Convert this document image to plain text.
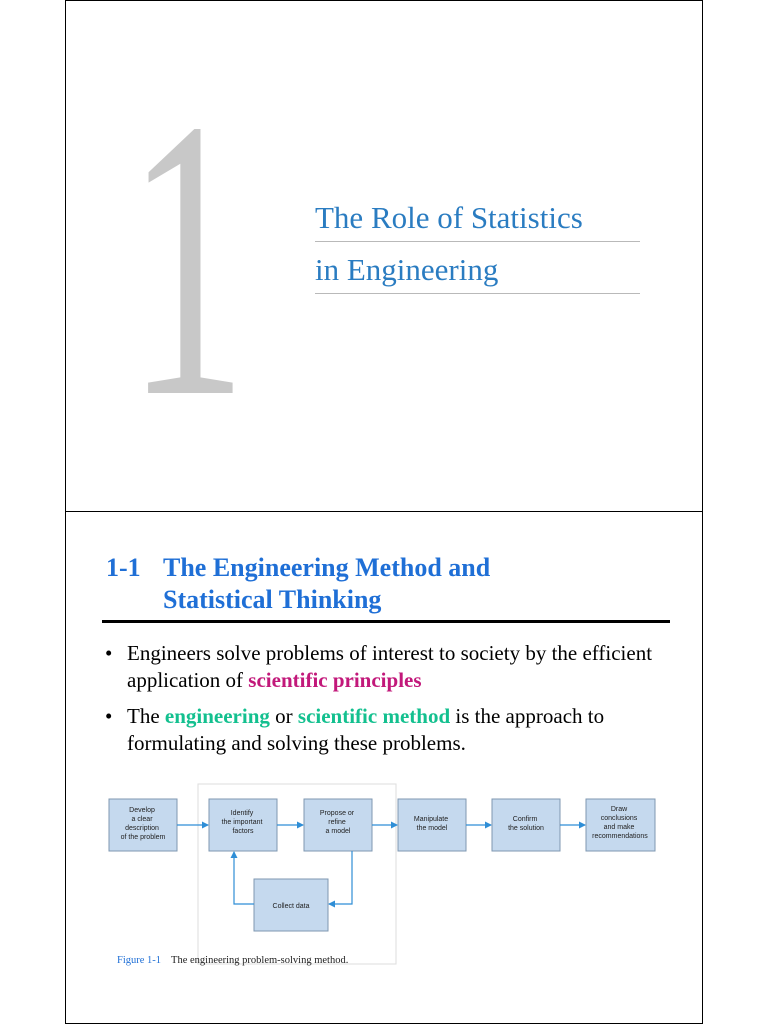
1 The Role of Statistics
in Engineering
1-1 The Engineering Method and
Statistical Thinking
• Engineers solve problems of interest to society by the efficient application of scientific principles
• The engineering or scientific method is the approach to formulating and solving these problems.
Develop a clear description of the problem
Identify the important factors
Propose or refine a model
Manipulate the model
Confirm the solution
Draw conclusions and make recommendations
Collect data
Figure 1-1 The engineering problem-solving method.
